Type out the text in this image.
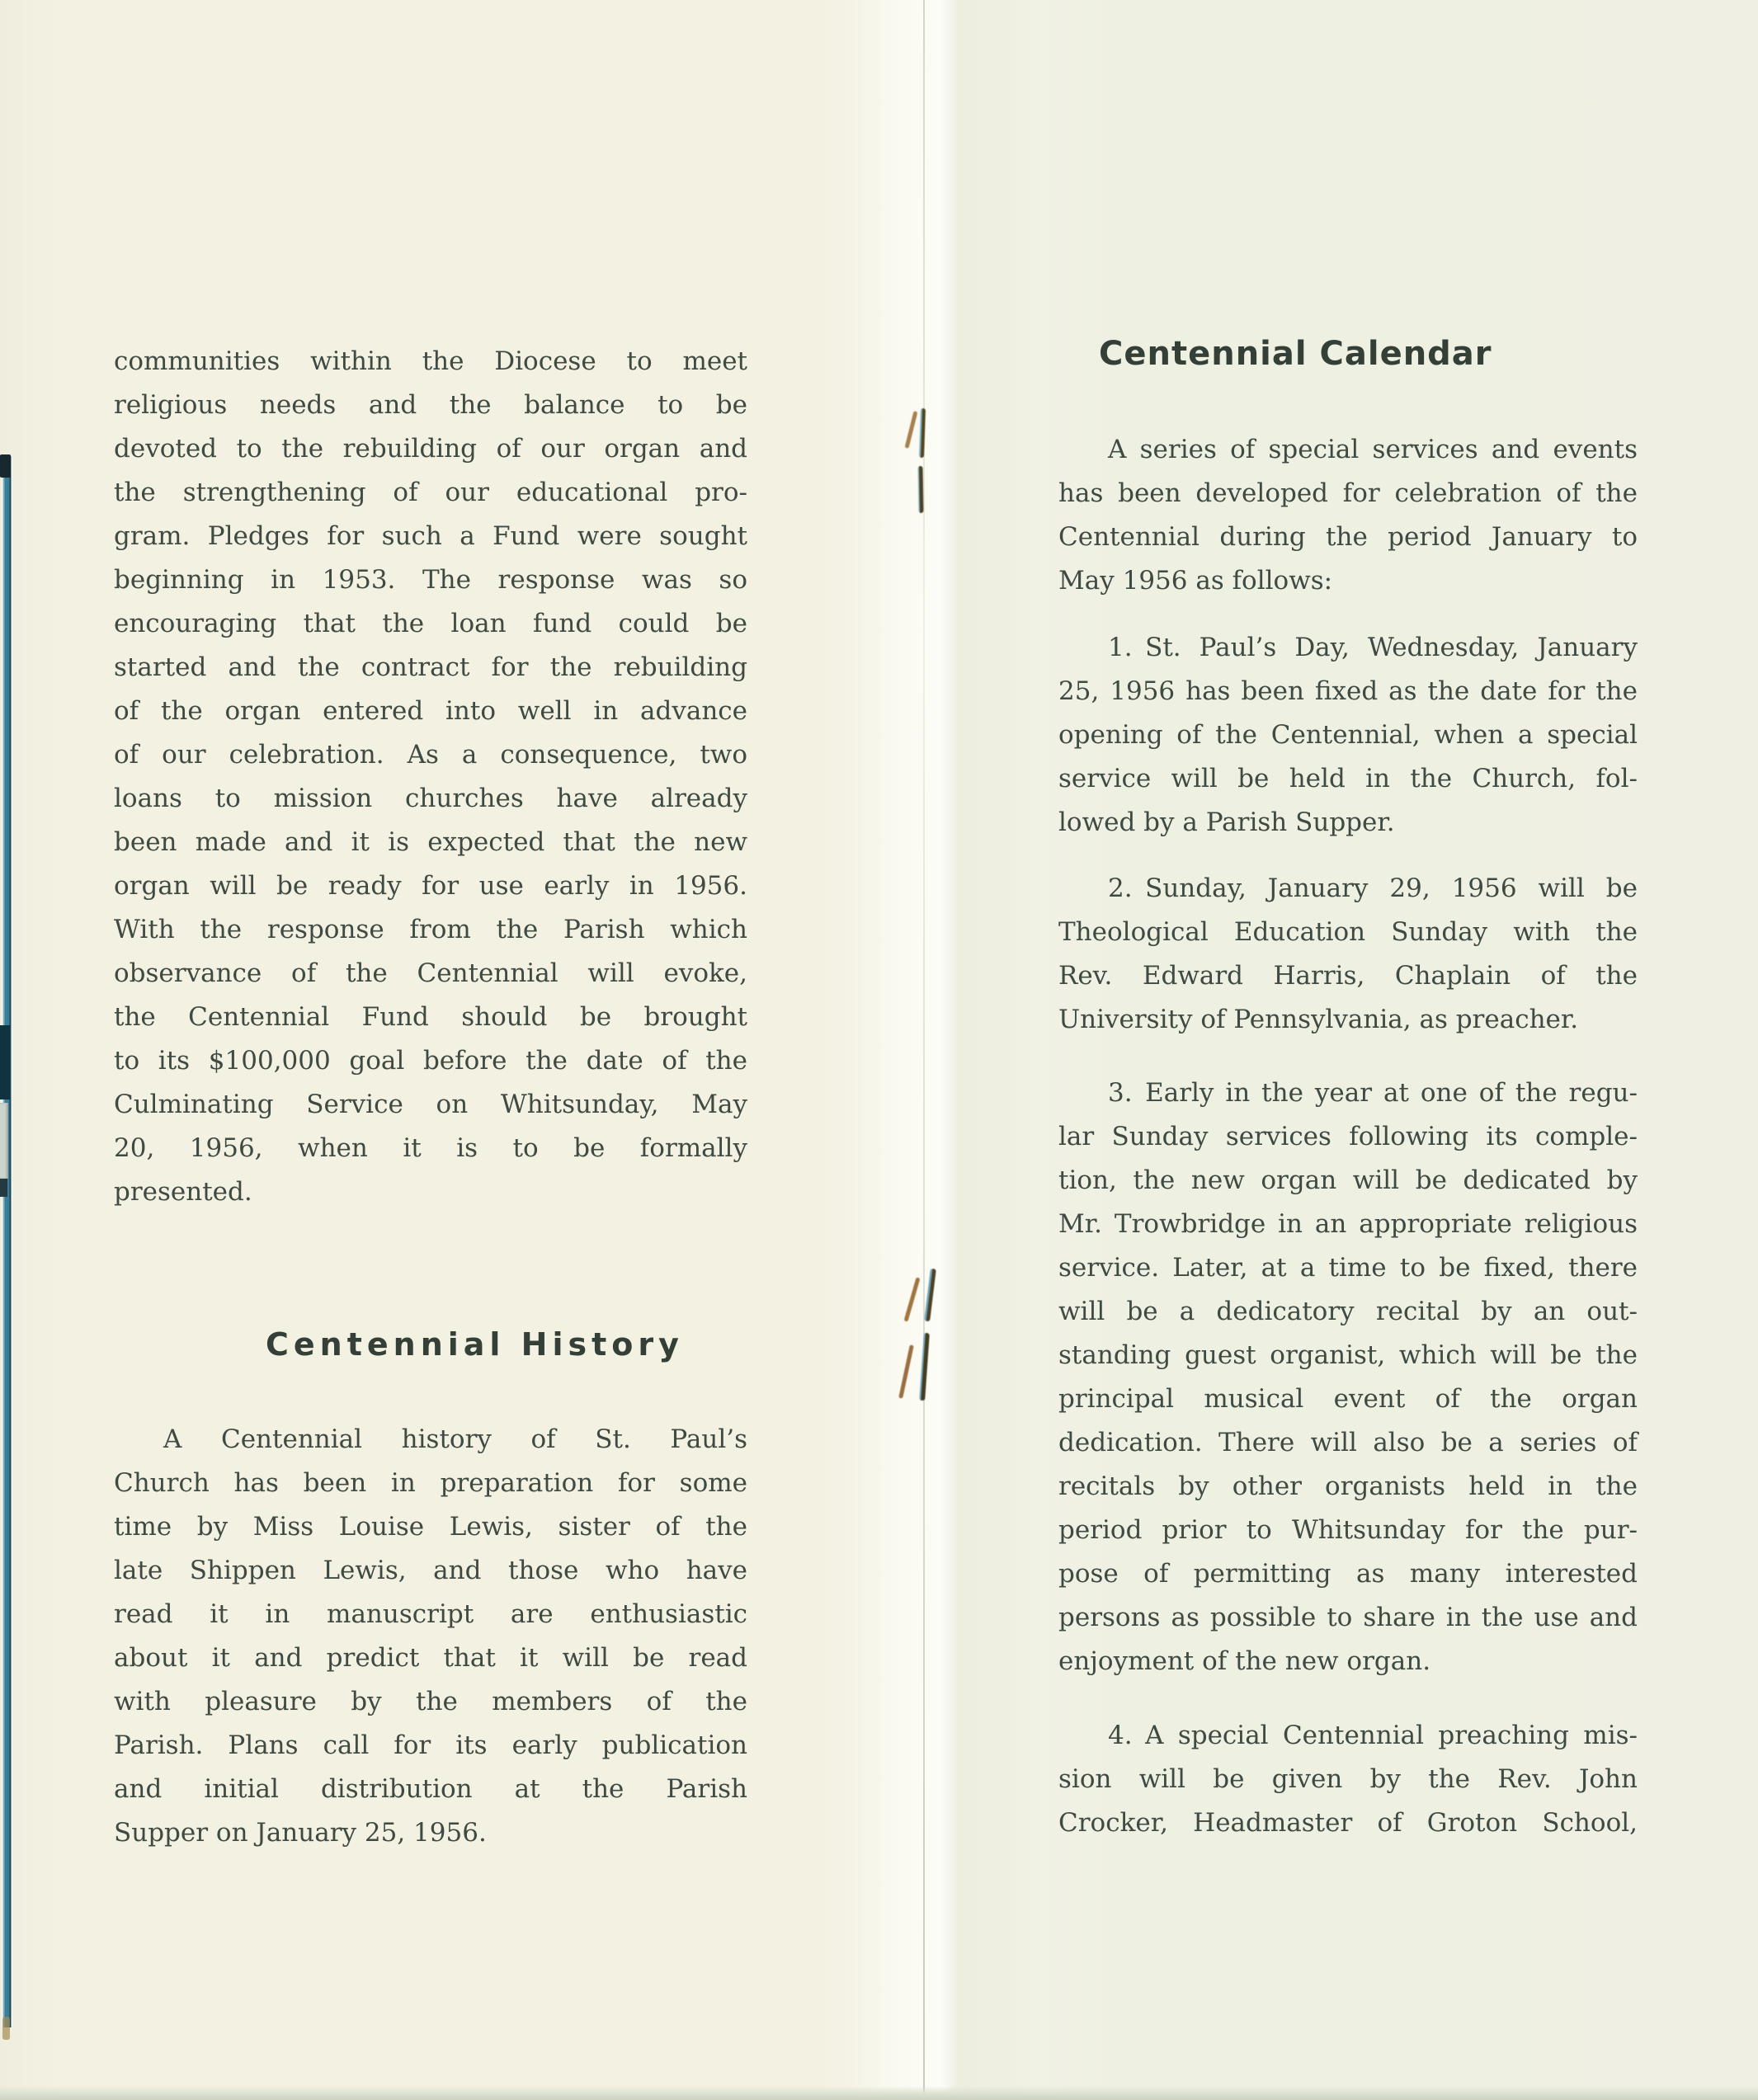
communities within the Diocese to meet
religious needs and the balance to be
devoted to the rebuilding of our organ and
the strengthening of our educational pro-
gram. Pledges for such a Fund were sought
beginning in 1953. The response was so
encouraging that the loan fund could be
started and the contract for the rebuilding
of the organ entered into well in advance
of our celebration. As a consequence, two
loans to mission churches have already
been made and it is expected that the new
organ will be ready for use early in 1956.
With the response from the Parish which
observance of the Centennial will evoke,
the Centennial Fund should be brought
to its $100,000 goal before the date of the
Culminating Service on Whitsunday, May
20, 1956, when it is to be formally
presented.
Centennial History
A Centennial history of St. Paul’s
Church has been in preparation for some
time by Miss Louise Lewis, sister of the
late Shippen Lewis, and those who have
read it in manuscript are enthusiastic
about it and predict that it will be read
with pleasure by the members of the
Parish. Plans call for its early publication
and initial distribution at the Parish
Supper on January 25, 1956.
Centennial Calendar
A series of special services and events
has been developed for celebration of the
Centennial during the period January to
May 1956 as follows:
1. St. Paul’s Day, Wednesday, January
25, 1956 has been fixed as the date for the
opening of the Centennial, when a special
service will be held in the Church, fol-
lowed by a Parish Supper.
2. Sunday, January 29, 1956 will be
Theological Education Sunday with the
Rev. Edward Harris, Chaplain of the
University of Pennsylvania, as preacher.
3. Early in the year at one of the regu-
lar Sunday services following its comple-
tion, the new organ will be dedicated by
Mr. Trowbridge in an appropriate religious
service. Later, at a time to be fixed, there
will be a dedicatory recital by an out-
standing guest organist, which will be the
principal musical event of the organ
dedication. There will also be a series of
recitals by other organists held in the
period prior to Whitsunday for the pur-
pose of permitting as many interested
persons as possible to share in the use and
enjoyment of the new organ.
4. A special Centennial preaching mis-
sion will be given by the Rev. John
Crocker, Headmaster of Groton School,
